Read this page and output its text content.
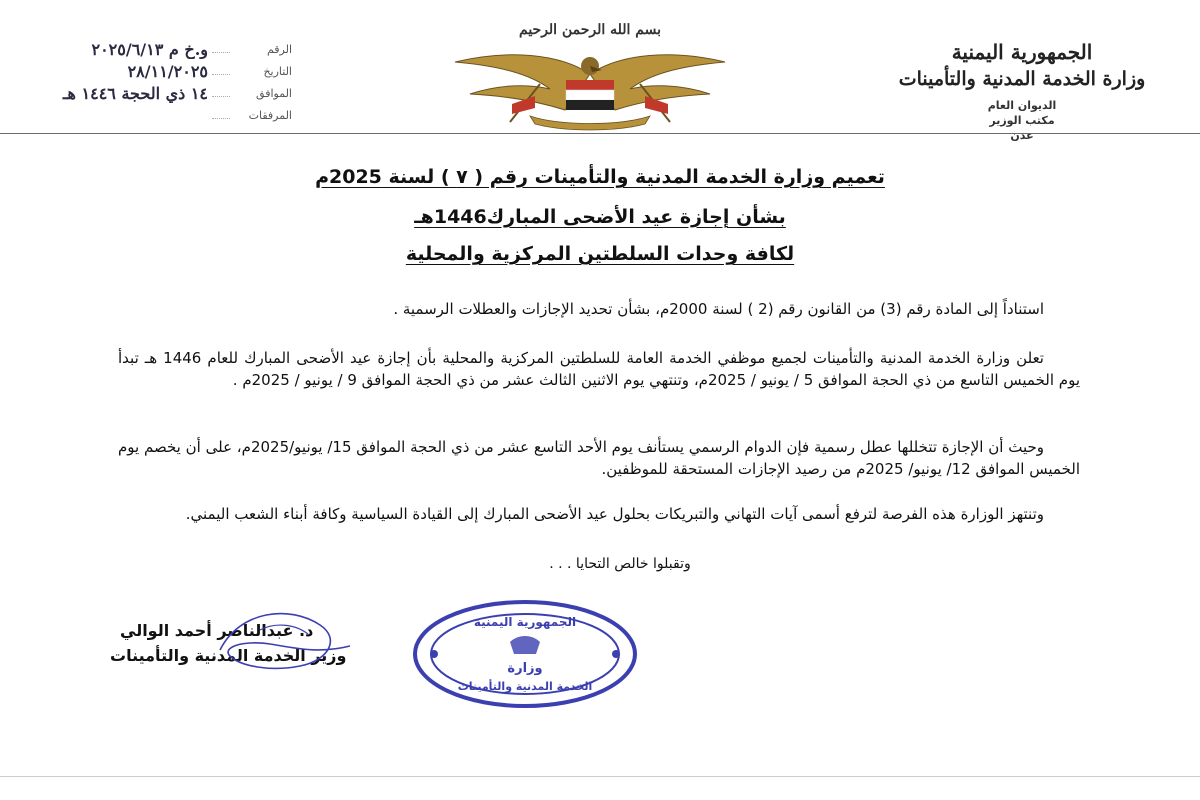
الجمهورية اليمنية
وزارة الخدمة المدنية والتأمينات
الديوان العام
مكتب الوزير
عدن
بسم الله الرحمن الرحيم
الرقم
و.خ م ٢٠٢٥/٦/١٣
التاريخ
٢٨/١١/٢٠٢٥
الموافق
١٤ ذي الحجة ١٤٤٦ هـ
المرفقات
تعميم وزارة الخدمة المدنية والتأمينات رقم ( ٧ ) لسنة 2025م
بشأن إجازة عيد الأضحى المبارك1446هـ
لكافة وحدات السلطتين المركزية والمحلية

استناداً إلى المادة رقم (3) من القانون رقم (2 ) لسنة 2000م، بشأن تحديد الإجازات والعطلات الرسمية .

تعلن وزارة الخدمة المدنية والتأمينات لجميع موظفي الخدمة العامة للسلطتين المركزية والمحلية بأن إجازة عيد الأضحى المبارك للعام 1446 هـ تبدأ يوم الخميس التاسع من ذي الحجة الموافق 5 / يونيو / 2025م، وتنتهي يوم الاثنين الثالث عشر من ذي الحجة الموافق 9 / يونيو / 2025م .

وحيث أن الإجازة تتخللها عطل رسمية فإن الدوام الرسمي يستأنف يوم الأحد التاسع عشر من ذي الحجة الموافق 15/ يونيو/2025م، على أن يخصم يوم الخميس الموافق 12/ يونيو/ 2025م من رصيد الإجازات المستحقة للموظفين.

وتنتهز الوزارة هذه الفرصة لترفع أسمى آيات التهاني والتبريكات بحلول عيد الأضحى المبارك إلى القيادة السياسية وكافة أبناء الشعب اليمني.

وتقبلوا خالص التحايا . . .
د. عبدالناصر أحمد الوالي
وزير الخدمة المدنية والتأمينات
الجمهورية اليمنية
وزارة
الخدمة المدنية والتأمينات
